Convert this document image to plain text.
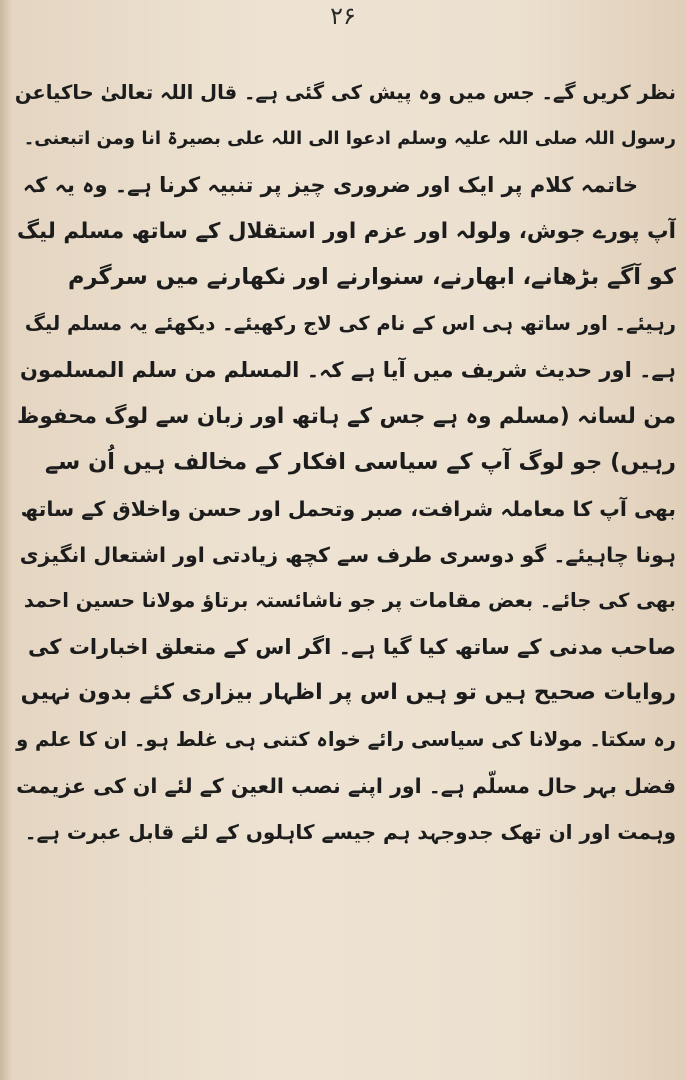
۲۶
نظر کریں گے۔ جس میں وہ پیش کی گئی ہے۔ قال اللہ تعالیٰ حاکیاعن
رسول اللہ صلی اللہ علیہ وسلم ادعوا الی اللہ علی بصیرۃ انا ومن اتبعنی۔
خاتمہ کلام پر ایک اور ضروری چیز پر تنبیہ کرنا ہے۔ وہ یہ کہ
آپ پورے جوش، ولولہ اور عزم اور استقلال کے ساتھ مسلم لیگ
کو آگے بڑھانے، ابھارنے، سنوارنے اور نکھارنے میں سرگرم
رہیئے۔ اور ساتھ ہی اس کے نام کی لاج رکھیئے۔ دیکھئے یہ مسلم لیگ
ہے۔ اور حدیث شریف میں آیا ہے کہ۔ المسلم من سلم المسلمون
من لسانہ (مسلم وہ ہے جس کے ہاتھ اور زبان سے لوگ محفوظ
رہیں) جو لوگ آپ کے سیاسی افکار کے مخالف ہیں اُن سے
بھی آپ کا معاملہ شرافت، صبر وتحمل اور حسن واخلاق کے ساتھ
ہونا چاہیئے۔ گو دوسری طرف سے کچھ زیادتی اور اشتعال انگیزی
بھی کی جائے۔ بعض مقامات پر جو ناشائستہ برتاؤ مولانا حسین احمد
صاحب مدنی کے ساتھ کیا گیا ہے۔ اگر اس کے متعلق اخبارات کی
روایات صحیح ہیں تو ہیں اس پر اظہار بیزاری کئے بدون نہیں
رہ سکتا۔ مولانا کی سیاسی رائے خواہ کتنی ہی غلط ہو۔ ان کا علم و
فضل بہر حال مسلّم ہے۔ اور اپنے نصب العین کے لئے ان کی عزیمت
وہمت اور ان تھک جدوجہد ہم جیسے کاہلوں کے لئے قابل عبرت ہے۔
